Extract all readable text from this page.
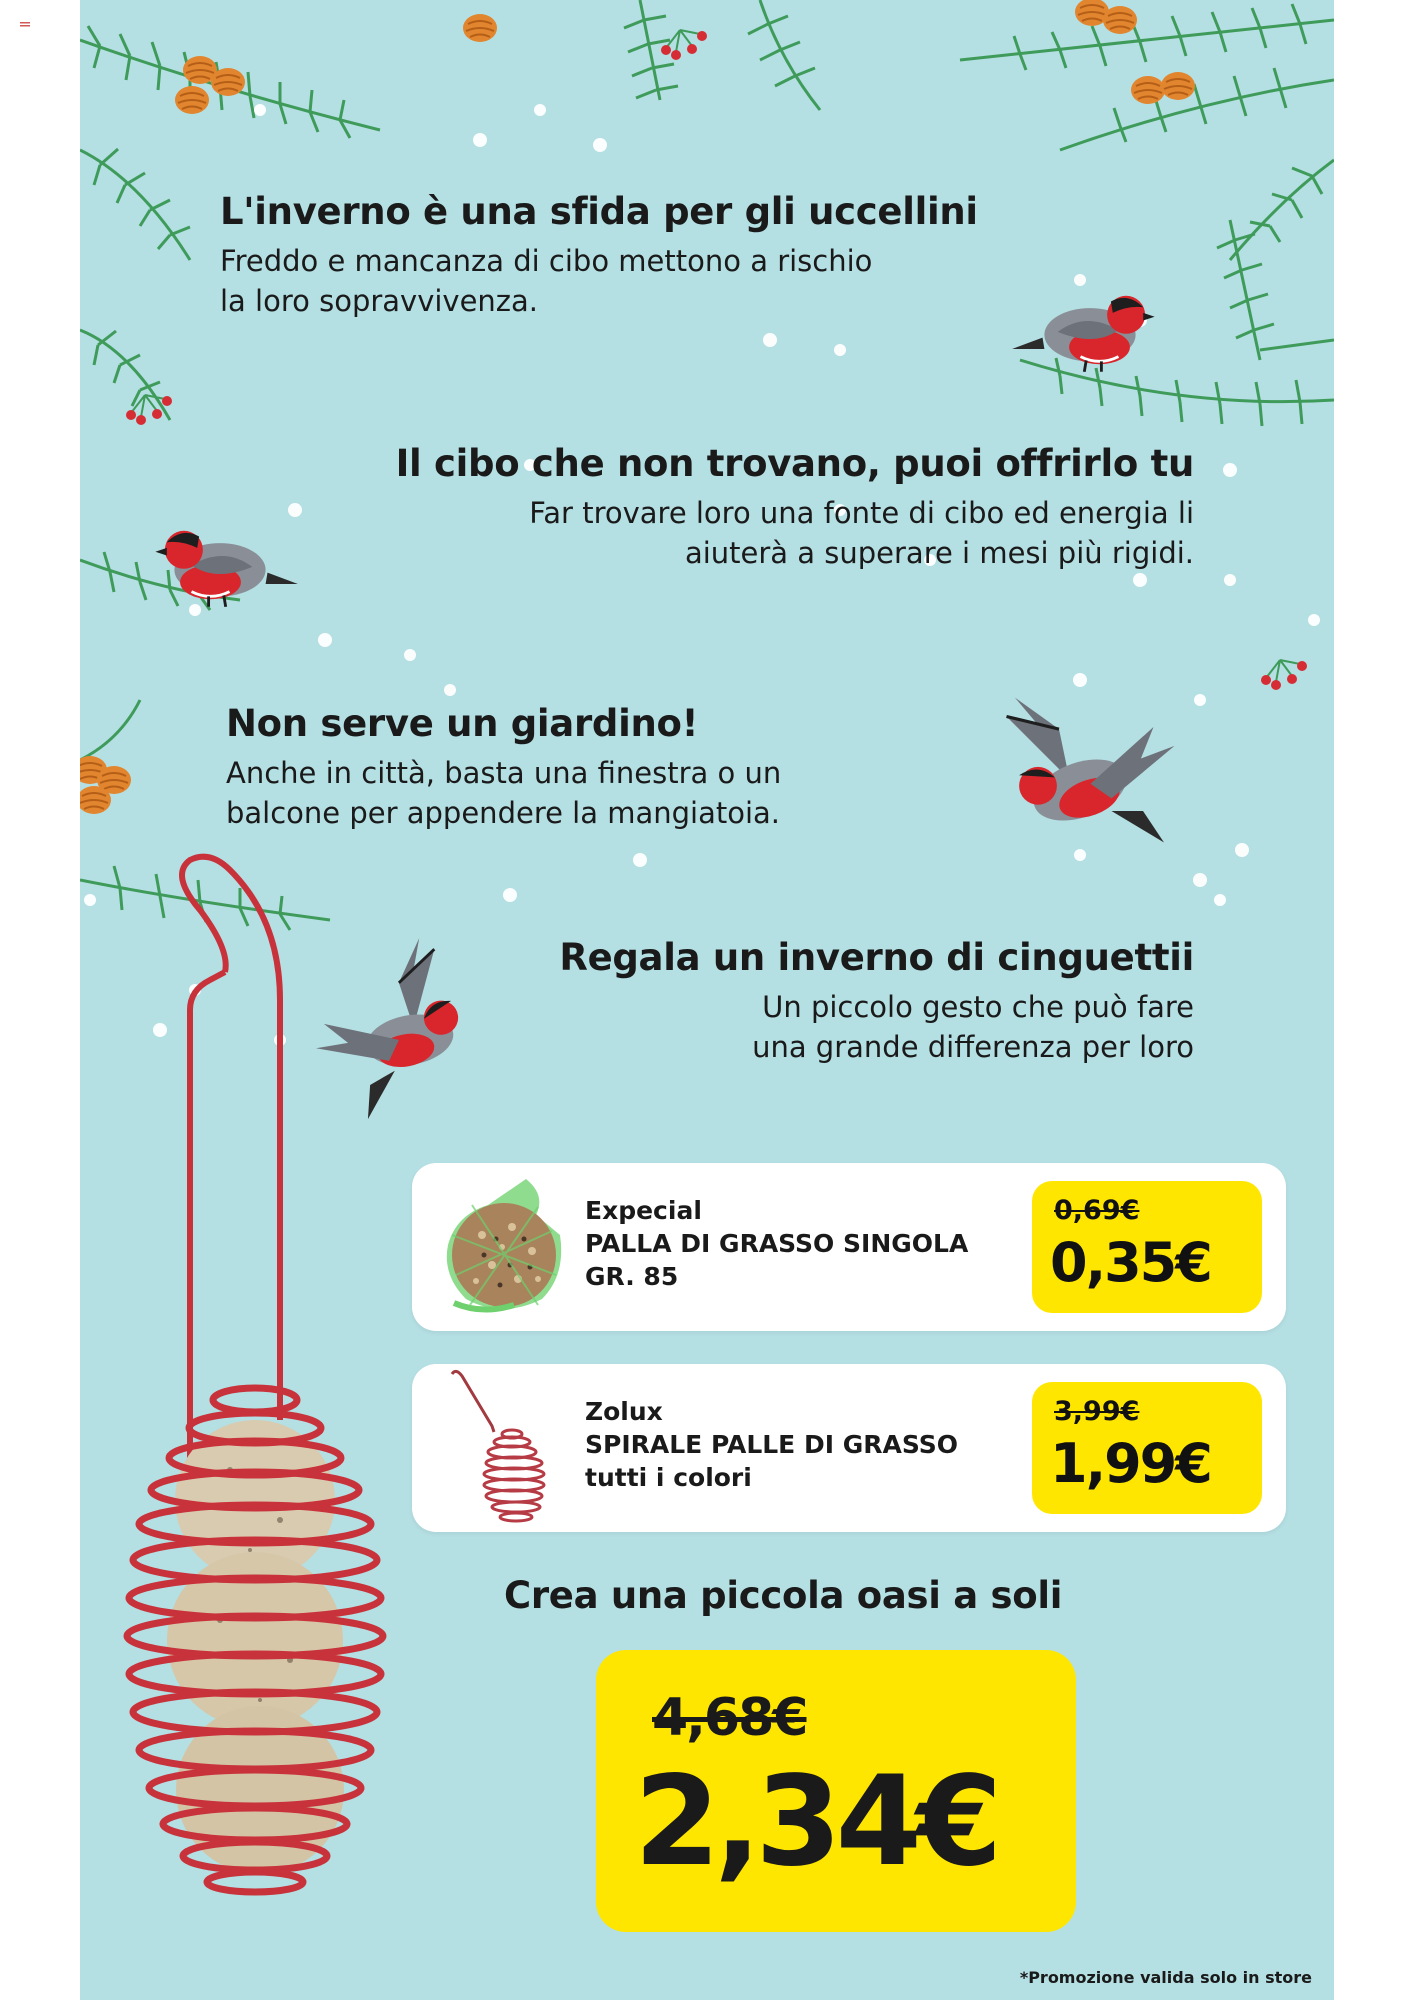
L'inverno è una sfida per gli uccellini

Freddo e mancanza di cibo mettono a rischio
la loro sopravvivenza.

Il cibo che non trovano, puoi offrirlo tu

Far trovare loro una fonte di cibo ed energia li
aiuterà a superare i mesi più rigidi.

Non serve un giardino!

Anche in città, basta una finestra o un
balcone per appendere la mangiatoia.

Regala un inverno di cinguettii

Un piccolo gesto che può fare
una grande differenza per loro

Expecial
PALLA DI GRASSO SINGOLA
GR. 85
0,69€
0,35€
Zolux
SPIRALE PALLE DI GRASSO
tutti i colori
3,99€
1,99€
Crea una piccola oasi a soli
4,68€
2,34€
*Promozione valida solo in store
